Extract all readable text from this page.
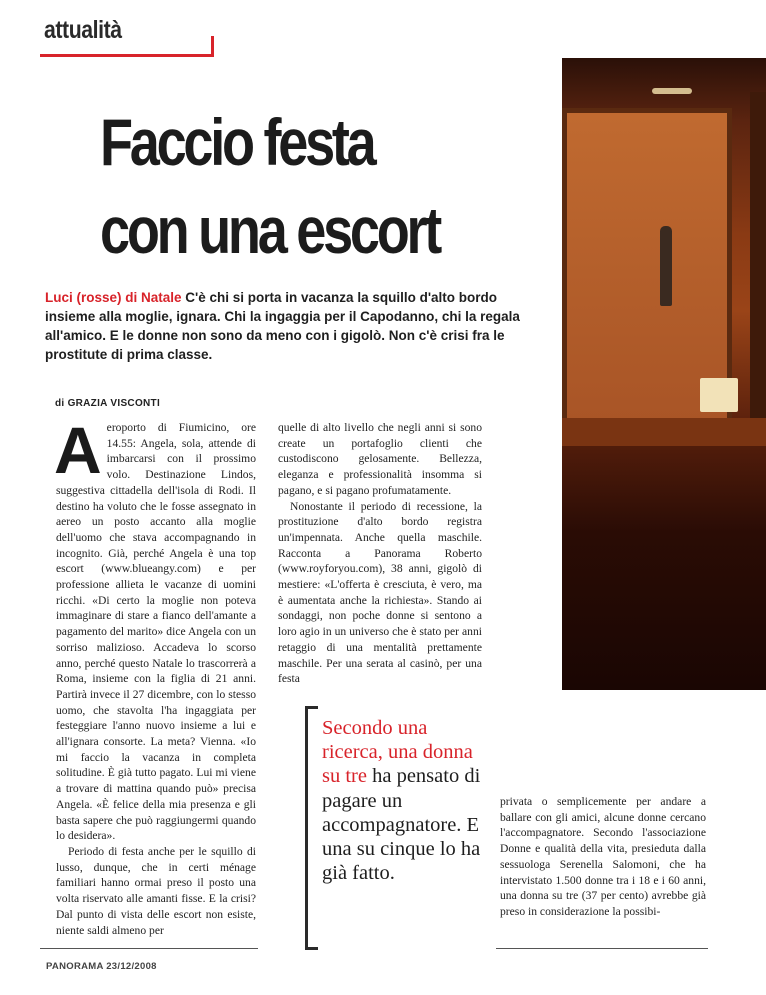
attualità
Faccio festa
con una escort
Luci (rosse) di Natale C'è chi si porta in vacanza la squillo d'alto bordo insieme alla moglie, ignara. Chi la ingaggia per il Capodanno, chi la regala all'amico. E le donne non sono da meno con i gigolò. Non c'è crisi fra le prostitute di prima classe.
di GRAZIA VISCONTI

Aeroporto di Fiumicino, ore 14.55: Angela, sola, attende di imbarcarsi con il prossimo volo. Destinazione Lindos, suggestiva cittadella dell'isola di Rodi. Il destino ha voluto che le fosse assegnato in aereo un posto accanto alla moglie dell'uomo che stava accompagnando in incognito. Già, perché Angela è una top escort (www.blueangy.com) e per professione allieta le vacanze di uomini ricchi. «Di certo la moglie non poteva immaginare di stare a fianco dell'amante a pagamento del marito» dice Angela con un sorriso malizioso. Accadeva lo scorso anno, perché questo Natale lo trascorrerà a Roma, insieme con la figlia di 21 anni. Partirà invece il 27 dicembre, con lo stesso uomo, che stavolta l'ha ingaggiata per festeggiare l'anno nuovo insieme a lui e all'ignara consorte. La meta? Vienna. «Io mi faccio la vacanza in completa solitudine. È già tutto pagato. Lui mi viene a trovare di mattina quando può» precisa Angela. «È felice della mia presenza e gli basta sapere che può raggiungermi quando lo desidera».

Periodo di festa anche per le squillo di lusso, dunque, che in certi ménage familiari hanno ormai preso il posto una volta riservato alle amanti fisse. E la crisi? Dal punto di vista delle escort non esiste, niente saldi almeno per

quelle di alto livello che negli anni si sono create un portafoglio clienti che custodiscono gelosamente. Bellezza, eleganza e professionalità insomma si pagano, e si pagano profumatamente.

Nonostante il periodo di recessione, la prostituzione d'alto bordo registra un'impennata. Anche quella maschile. Racconta a Panorama Roberto (www.royforyou.com), 38 anni, gigolò di mestiere: «L'offerta è cresciuta, è vero, ma è aumentata anche la richiesta». Stando ai sondaggi, non poche donne si sentono a loro agio in un universo che è stato per anni retaggio di una mentalità prettamente maschile. Per una serata al casinò, per una festa

privata o semplicemente per andare a ballare con gli amici, alcune donne cercano l'accompagnatore. Secondo l'associazione Donne e qualità della vita, presieduta dalla sessuologa Serenella Salomoni, che ha intervistato 1.500 donne tra i 18 e i 60 anni, una donna su tre (37 per cento) avrebbe già preso in considerazione la possibi-

Secondo una ricerca, una donna su tre ha pensato di pagare un accompagnatore. E una su cinque lo ha già fatto.
PANORAMA 23/12/2008
